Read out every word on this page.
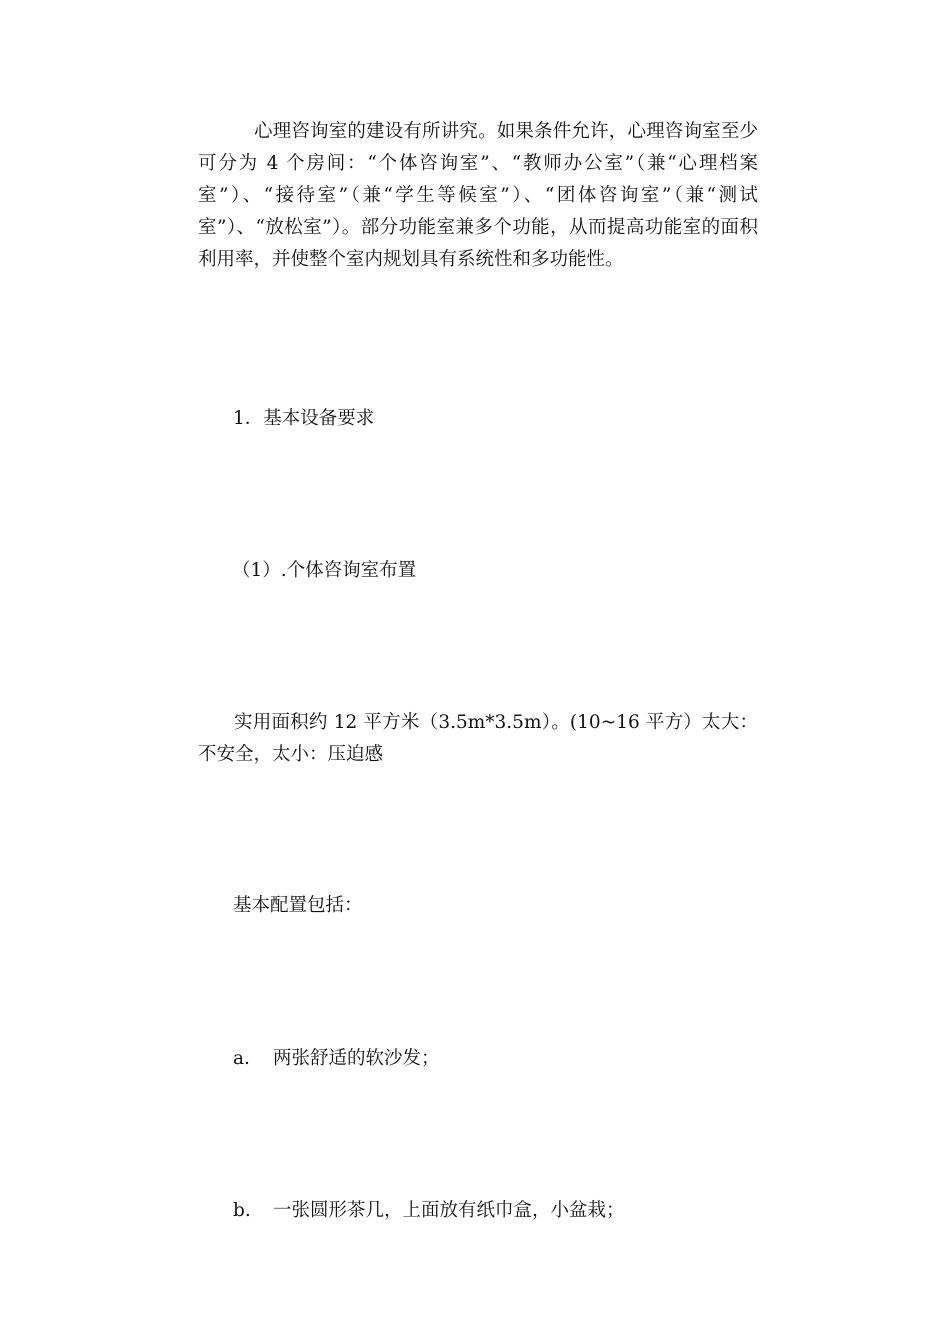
心理咨询室的建设有所讲究。如果条件允许，心理咨询室至少可分为 4 个房间：“个体咨询室”、“教师办公室”（兼“心理档案室”）、“接待室”（兼“学生等候室”）、“团体咨询室”（兼“测试室”）、“放松室”）。部分功能室兼多个功能，从而提高功能室的面积利用率，并使整个室内规划具有系统性和多功能性。

1．基本设备要求

（1）.个体咨询室布置

实用面积约 12 平方米（3.5m*3.5m）。(10~16 平方）太大：不安全，太小：压迫感

基本配置包括：

a. 两张舒适的软沙发；
b. 一张圆形茶几，上面放有纸巾盒，小盆栽；
